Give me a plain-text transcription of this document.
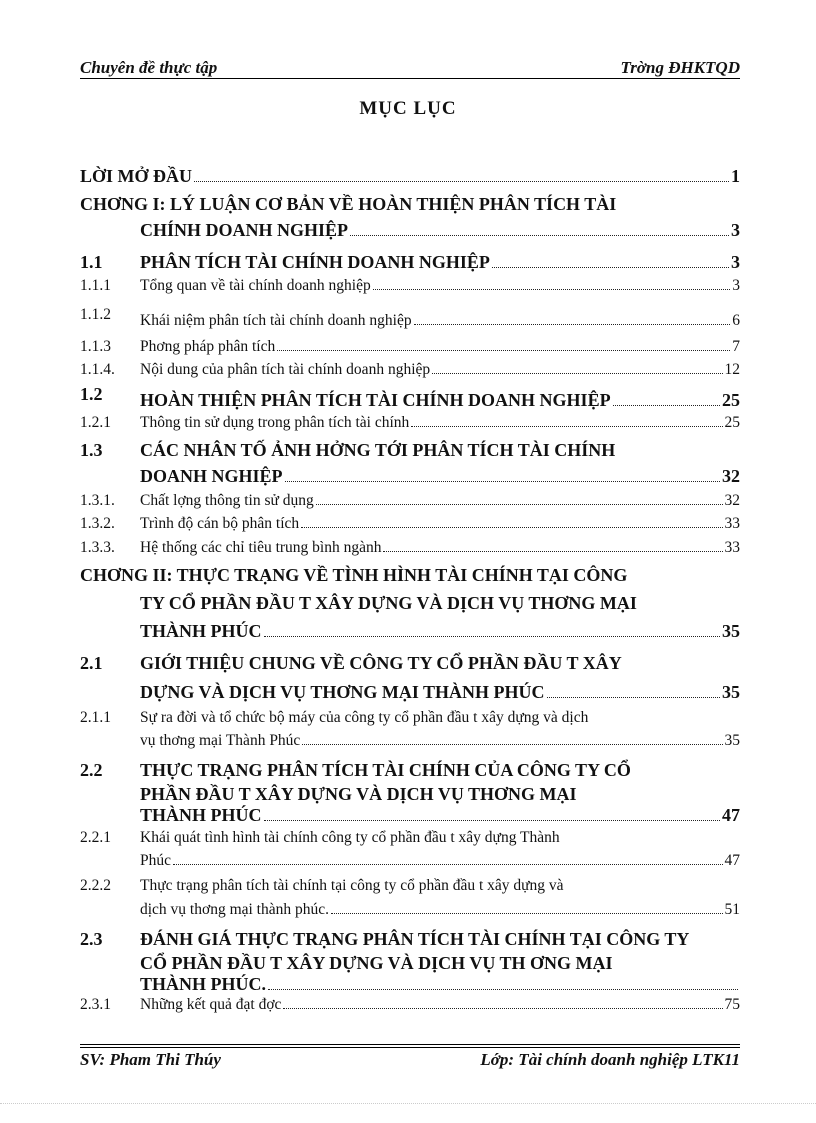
Chuyên đề thực tập	Trờng ĐHKTQD
MỤC LỤC
LỜI MỞ ĐẦU	1
CHƠNG I: LÝ LUẬN CƠ BẢN VỀ HOÀN THIỆN PHÂN TÍCH TÀI
CHÍNH DOANH NGHIỆP	3
1.1 PHÂN TÍCH TÀI CHÍNH DOANH NGHIỆP	3
1.1.1 Tổng quan về tài chính doanh nghiệp	3
1.1.2 Khái niệm phân tích tài chính doanh nghiệp	6
1.1.3 Phơng pháp phân tích	7
1.1.4. Nội dung của phân tích tài chính doanh nghiệp	12
1.2 HOÀN THIỆN PHÂN TÍCH TÀI CHÍNH DOANH NGHIỆP	25
1.2.1 Thông tin sử dụng trong phân tích tài chính	25
1.3 CÁC NHÂN TỐ ẢNH HỞNG TỚI PHÂN TÍCH TÀI CHÍNH
DOANH NGHIỆP	32
1.3.1. Chất lợng thông tin sử dụng	32
1.3.2. Trình độ cán bộ phân tích	33
1.3.3. Hệ thống các chỉ tiêu trung bình ngành	33
CHƠNG II: THỰC TRẠNG VỀ TÌNH HÌNH TÀI CHÍNH TẠI CÔNG
TY CỔ PHẦN ĐẦU T XÂY DỰNG VÀ DỊCH VỤ THƠNG MẠI
THÀNH PHÚC	35
2.1 GIỚI THIỆU CHUNG VỀ CÔNG TY CỔ PHẦN ĐẦU T XÂY
DỰNG VÀ DỊCH VỤ THƠNG MẠI THÀNH PHÚC	35
2.1.1 Sự ra đời và tổ chức bộ máy của công ty cổ phần đầu t xây dựng và dịch
vụ thơng mại Thành Phúc	35
2.2 THỰC TRẠNG PHÂN TÍCH TÀI CHÍNH CỦA CÔNG TY CỔ
PHẦN ĐẦU T XÂY DỰNG VÀ DỊCH VỤ THƠNG MẠI
THÀNH PHÚC	47
2.2.1 Khái quát tình hình tài chính công ty cổ phần đầu t xây dựng Thành
Phúc	47
2.2.2 Thực trạng phân tích tài chính tại công ty cổ phần đầu t xây dựng và
dịch vụ thơng mại thành phúc.	51
2.3 ĐÁNH GIÁ THỰC TRẠNG PHÂN TÍCH TÀI CHÍNH TẠI CÔNG TY
CỔ PHẦN ĐẦU T XÂY DỰNG VÀ DỊCH VỤ TH ƠNG MẠI
THÀNH PHÚC.
2.3.1 Những kết quả đạt đợc	75
SV: Pham Thi Thúy	Lớp: Tài chính doanh nghiệp LTK11
